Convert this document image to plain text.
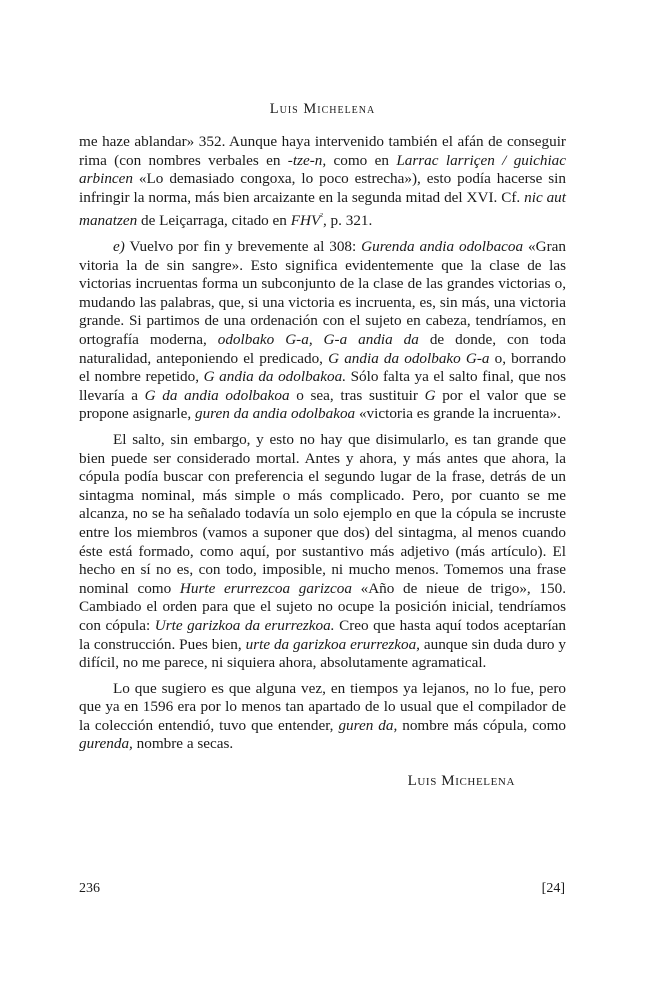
Luis Michelena

me haze ablandar» 352. Aunque haya intervenido también el afán de conseguir rima (con nombres verbales en -tze-n, como en Larrac larriçen / guichiac arbincen «Lo demasiado congoxa, lo poco estrecha»), esto podía hacerse sin infringir la norma, más bien arcaizante en la segunda mitad del XVI. Cf. nic aut manatzen de Leiçarraga, citado en $FHV^{^2}$, p. 321.

e) Vuelvo por fin y brevemente al 308: Gurenda andia odolbacoa «Gran vitoria la de sin sangre». Esto significa evidentemente que la clase de las victorias incruentas forma un subconjunto de la clase de las grandes victorias o, mudando las palabras, que, si una victoria es incruenta, es, sin más, una victoria grande. Si partimos de una ordenación con el sujeto en cabeza, tendríamos, en ortografía moderna, odolbako G-a, G-a andia da de donde, con toda naturalidad, anteponiendo el predicado, G andia da odolbako G-a o, borrando el nombre repetido, G andia da odolbakoa. Sólo falta ya el salto final, que nos llevaría a G da andia odolbakoa o sea, tras sustituir G por el valor que se propone asignarle, guren da andia odolbakoa «victoria es grande la incruenta».

El salto, sin embargo, y esto no hay que disimularlo, es tan grande que bien puede ser considerado mortal. Antes y ahora, y más antes que ahora, la cópula podía buscar con preferencia el segundo lugar de la frase, detrás de un sintagma nominal, más simple o más complicado. Pero, por cuanto se me alcanza, no se ha señalado todavía un solo ejemplo en que la cópula se incruste entre los miembros (vamos a suponer que dos) del sintagma, al menos cuando éste está formado, como aquí, por sustantivo más adjetivo (más artículo). El hecho en sí no es, con todo, imposible, ni mucho menos. Tomemos una frase nominal como Hurte erurrezcoa garizcoa «Año de nieue de trigo», 150. Cambiado el orden para que el sujeto no ocupe la posición inicial, tendríamos con cópula: Urte garizkoa da erurrezkoa. Creo que hasta aquí todos aceptarían la construcción. Pues bien, urte da garizkoa erurrezkoa, aunque sin duda duro y difícil, no me parece, ni siquiera ahora, absolutamente agramatical.

Lo que sugiero es que alguna vez, en tiempos ya lejanos, no lo fue, pero que ya en 1596 era por lo menos tan apartado de lo usual que el compilador de la colección entendió, tuvo que entender, guren da, nombre más cópula, como gurenda, nombre a secas.

Luis Michelena
236	[24]
